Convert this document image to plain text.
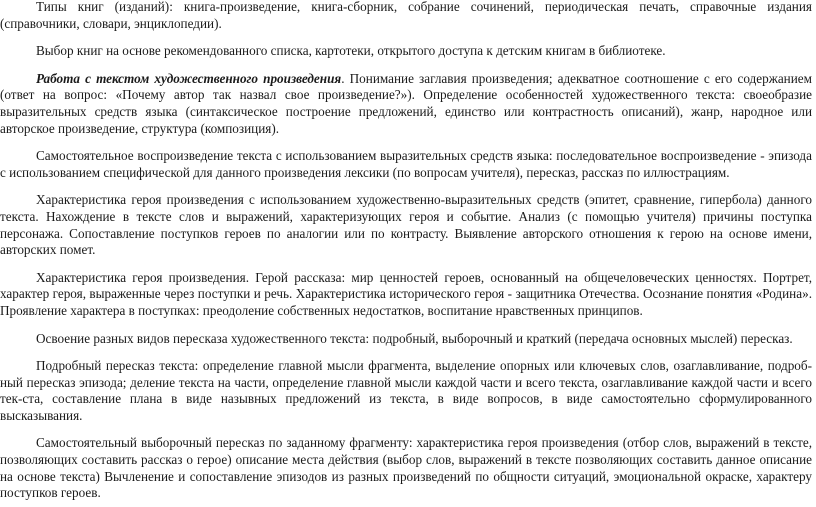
Типы книг (изданий): книга-произведение, книга-сборник, собрание сочинений, периодическая печать, справочные издания (справочники, словари, энциклопедии).

Выбор книг на основе рекомендованного списка, картотеки, открытого доступа к детским книгам в библиотеке.

Работа с текстом художественного произведения. Понимание заглавия произведения; адекватное соотношение с его содержанием (ответ на вопрос: «Почему автор так назвал свое произведение?»). Определение особенностей художественного текста: своеобразие выразительных средств языка (синтаксическое построение предложений, единство или контрастность описаний), жанр, народное или авторское произведение, структура (композиция).

Самостоятельное воспроизведение текста с использованием выразительных средств языка: последовательное воспроизведение - эпизода с использованием специфической для данного произведения лексики (по вопросам учителя), пересказ, рассказ по иллюстрациям.

Характеристика героя произведения с использованием художественно-выразительных средств (эпитет, сравнение, гипербола) данного текста. Нахождение в тексте слов и выражений, характеризующих героя и событие. Анализ (с помощью учителя) причины поступка персонажа. Сопоставление поступков героев по аналогии или по контрасту. Выявление авторского отношения к герою на основе имени, авторских помет.

Характеристика героя произведения. Герой рассказа: мир ценностей героев, основанный на общечеловеческих ценностях. Портрет, характер героя, выраженные через поступки и речь. Характеристика исторического героя - защитника Отечества. Осознание понятия «Родина». Проявление характера в поступках: преодоление собственных недостатков, воспитание нравственных принципов.

Освоение разных видов пересказа художественного текста: подробный, выборочный и краткий (передача основных мыслей) пересказ.

Подробный пересказ текста: определение главной мысли фрагмента, выделение опорных или ключевых слов, озаглавливание, подроб-ный пересказ эпизода; деление текста на части, определение главной мысли каждой части и всего текста, озаглавливание каждой части и всего тек-ста, составление плана в виде назывных предложений из текста, в виде вопросов, в виде самостоятельно сформулированного высказывания.

Самостоятельный выборочный пересказ по заданному фрагменту: характеристика героя произведения (отбор слов, выражений в тексте, позволяющих составить рассказ о герое) описание места действия (выбор слов, выражений в тексте позволяющих составить данное описание на основе текста) Вычленение и сопоставление эпизодов из разных произведений по общности ситуаций, эмоциональной окраске, характеру поступков героев.
